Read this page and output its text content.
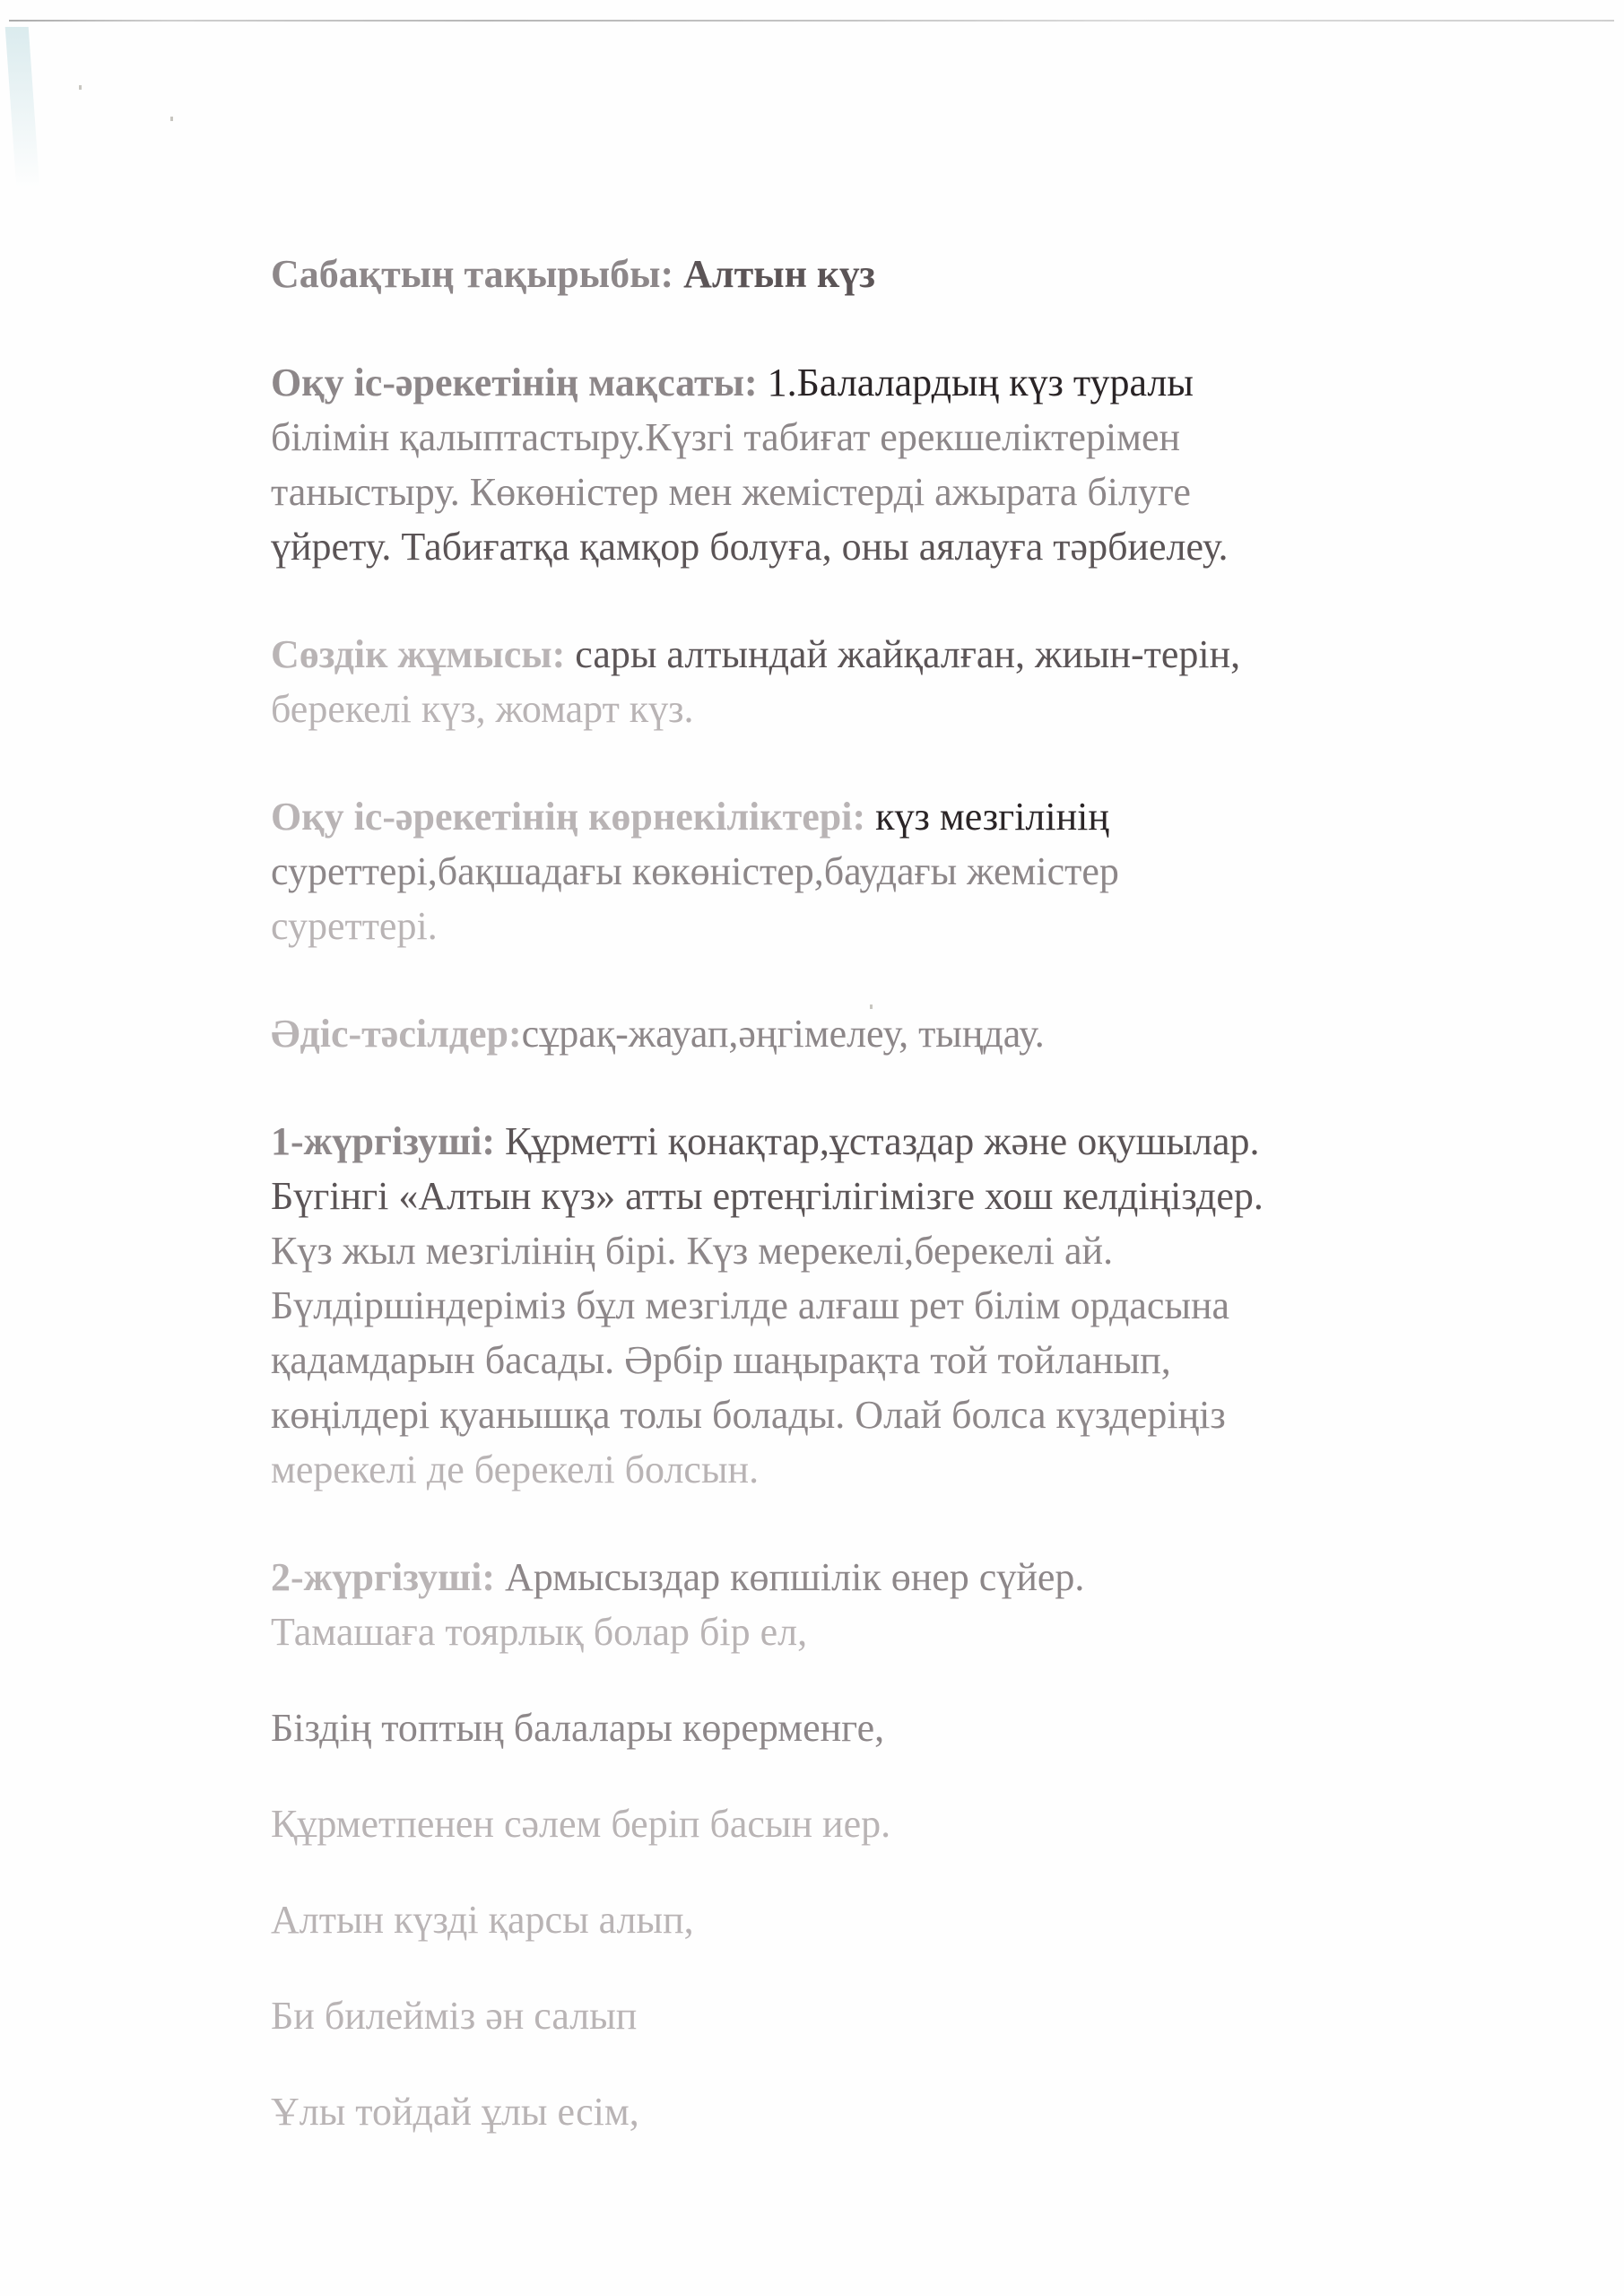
Сабақтың тақырыбы: Алтын күз
Оқу іс-әрекетінің мақсаты: 1.Балалардың күз туралы
білімін қалыптастыру.Күзгі табиғат ерекшеліктерімен
таныстыру. Көкөністер мен жемістерді ажырата білуге
үйрету. Табиғатқа қамқор болуға, оны аялауға тәрбиелеу.
Сөздік жұмысы: сары алтындай жайқалған, жиын-терін,
берекелі күз, жомарт күз.
Оқу іс-әрекетінің көрнекіліктері: күз мезгілінің
суреттері,бақшадағы көкөністер,баудағы жемістер
суреттері.
Әдіс-тәсілдер:сұрақ-жауап,әңгімелеу, тыңдау.
1-жүргізуші: Құрметті қонақтар,ұстаздар және оқушылар.
Бүгінгі «Алтын күз» атты ертеңгілігімізге хош келдіңіздер.
Күз жыл мезгілінің бірі. Күз мерекелі,берекелі ай.
Бүлдіршіндеріміз бұл мезгілде алғаш рет білім ордасына
қадамдарын басады. Әрбір шаңырақта той тойланып,
көңілдері қуанышқа толы болады. Олай болса күздеріңіз
мерекелі де берекелі болсын.
2-жүргізуші: Армысыздар көпшілік өнер сүйер.
Тамашаға тоярлық болар бір ел,
Біздің топтың балалары көрерменге,
Құрметпенен сәлем беріп басын иер.
Алтын күзді қарсы алып,
Би билейміз ән салып
Ұлы тойдай ұлы есім,
